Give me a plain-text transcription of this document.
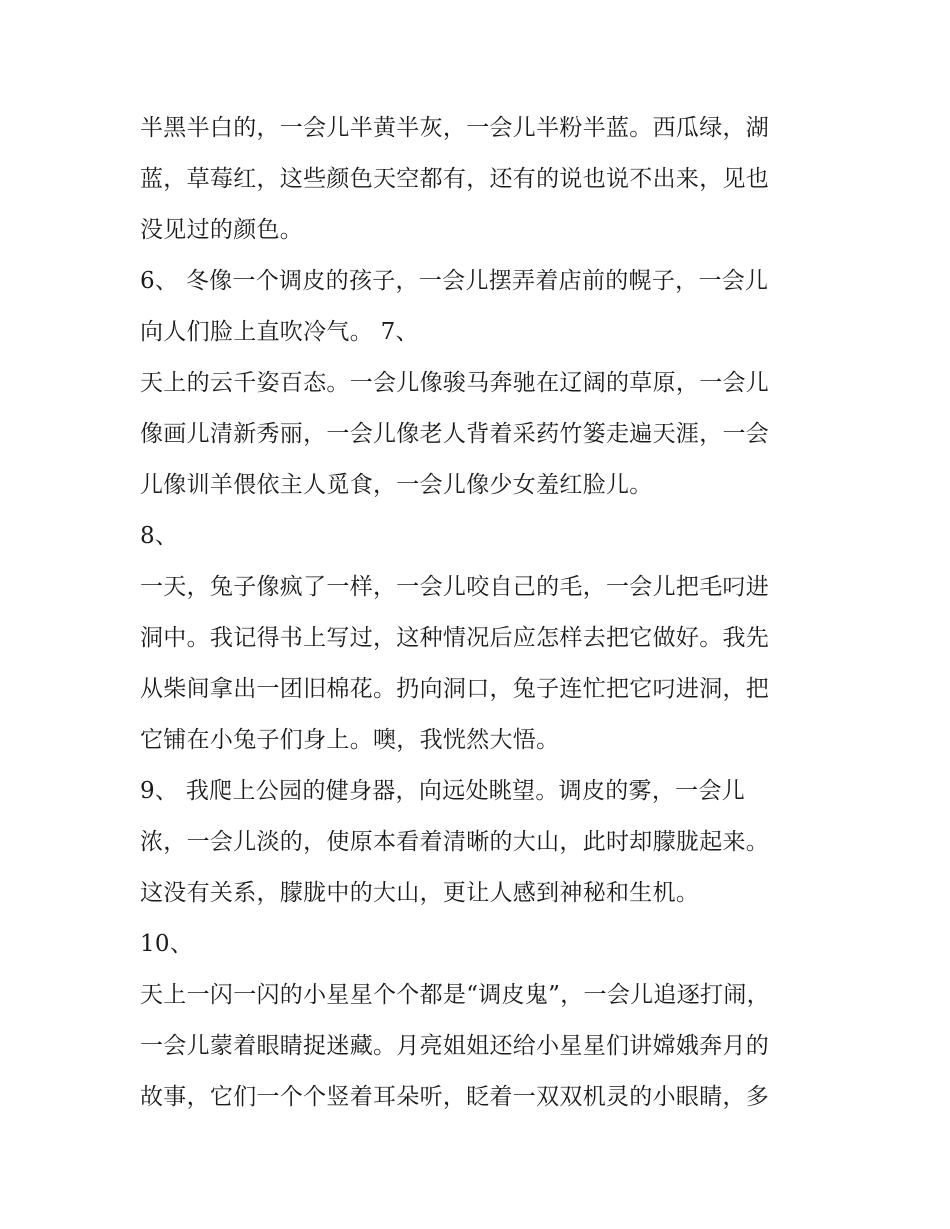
半黑半白的，一会儿半黄半灰，一会儿半粉半蓝。西瓜绿，湖
蓝，草莓红，这些颜色天空都有，还有的说也说不出来，见也
没见过的颜色。
6、 冬像一个调皮的孩子，一会儿摆弄着店前的幌子，一会儿
向人们脸上直吹冷气。 7、
天上的云千姿百态。一会儿像骏马奔驰在辽阔的草原，一会儿
像画儿清新秀丽，一会儿像老人背着采药竹篓走遍天涯，一会
儿像训羊偎依主人觅食，一会儿像少女羞红脸儿。
8、
一天，兔子像疯了一样，一会儿咬自己的毛，一会儿把毛叼进
洞中。我记得书上写过，这种情况后应怎样去把它做好。我先
从柴间拿出一团旧棉花。扔向洞口，兔子连忙把它叼进洞，把
它铺在小兔子们身上。噢，我恍然大悟。
9、 我爬上公园的健身器，向远处眺望。调皮的雾，一会儿
浓，一会儿淡的，使原本看着清晰的大山，此时却朦胧起来。
这没有关系，朦胧中的大山，更让人感到神秘和生机。
10、
天上一闪一闪的小星星个个都是“调皮鬼”，一会儿追逐打闹，
一会儿蒙着眼睛捉迷藏。月亮姐姐还给小星星们讲嫦娥奔月的
故事，它们一个个竖着耳朵听，眨着一双双机灵的小眼睛，多
